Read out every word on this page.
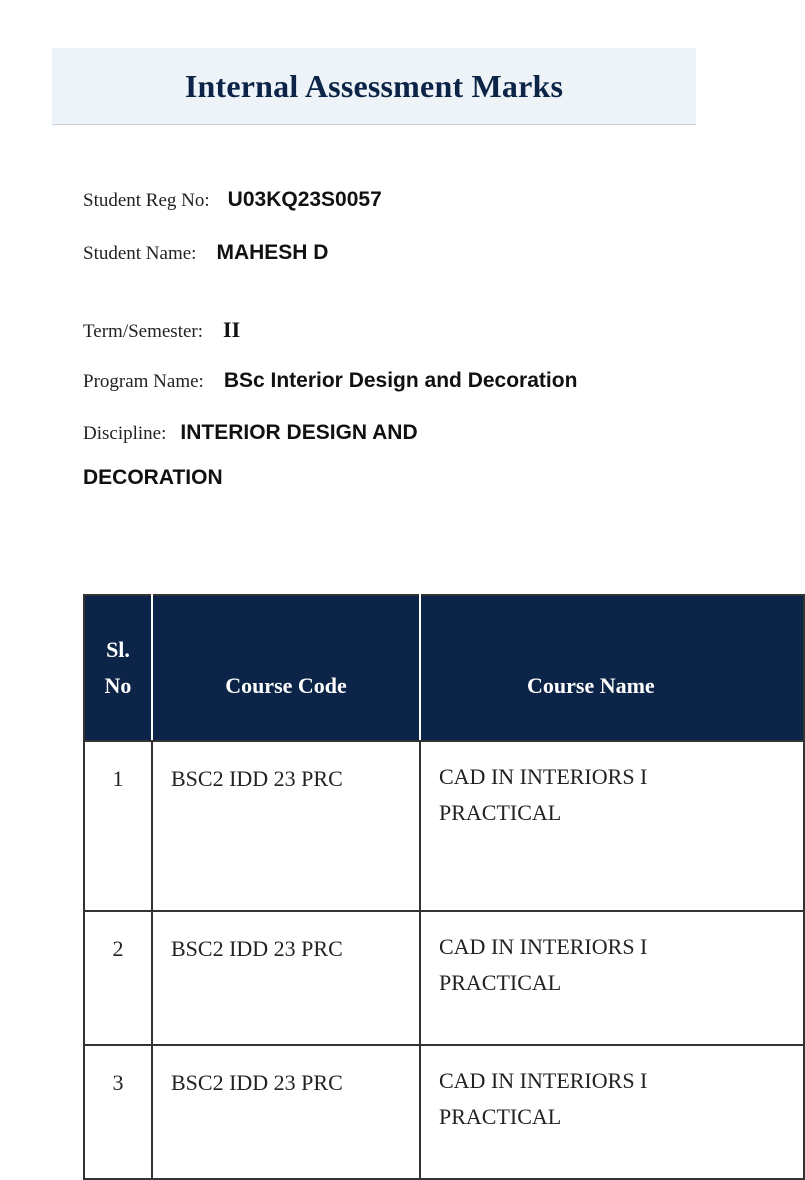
Internal Assessment Marks
Student Reg No: U03KQ23S0057
Student Name: MAHESH D
Term/Semester: II
Program Name: BSc Interior Design and Decoration
Discipline: INTERIOR DESIGN AND
DECORATION
Sl.
No	Course Code	Course Name
1	BSC2 IDD 23 PRC	CAD IN INTERIORS I
PRACTICAL
2	BSC2 IDD 23 PRC	CAD IN INTERIORS I
PRACTICAL
3	BSC2 IDD 23 PRC	CAD IN INTERIORS I
PRACTICAL
